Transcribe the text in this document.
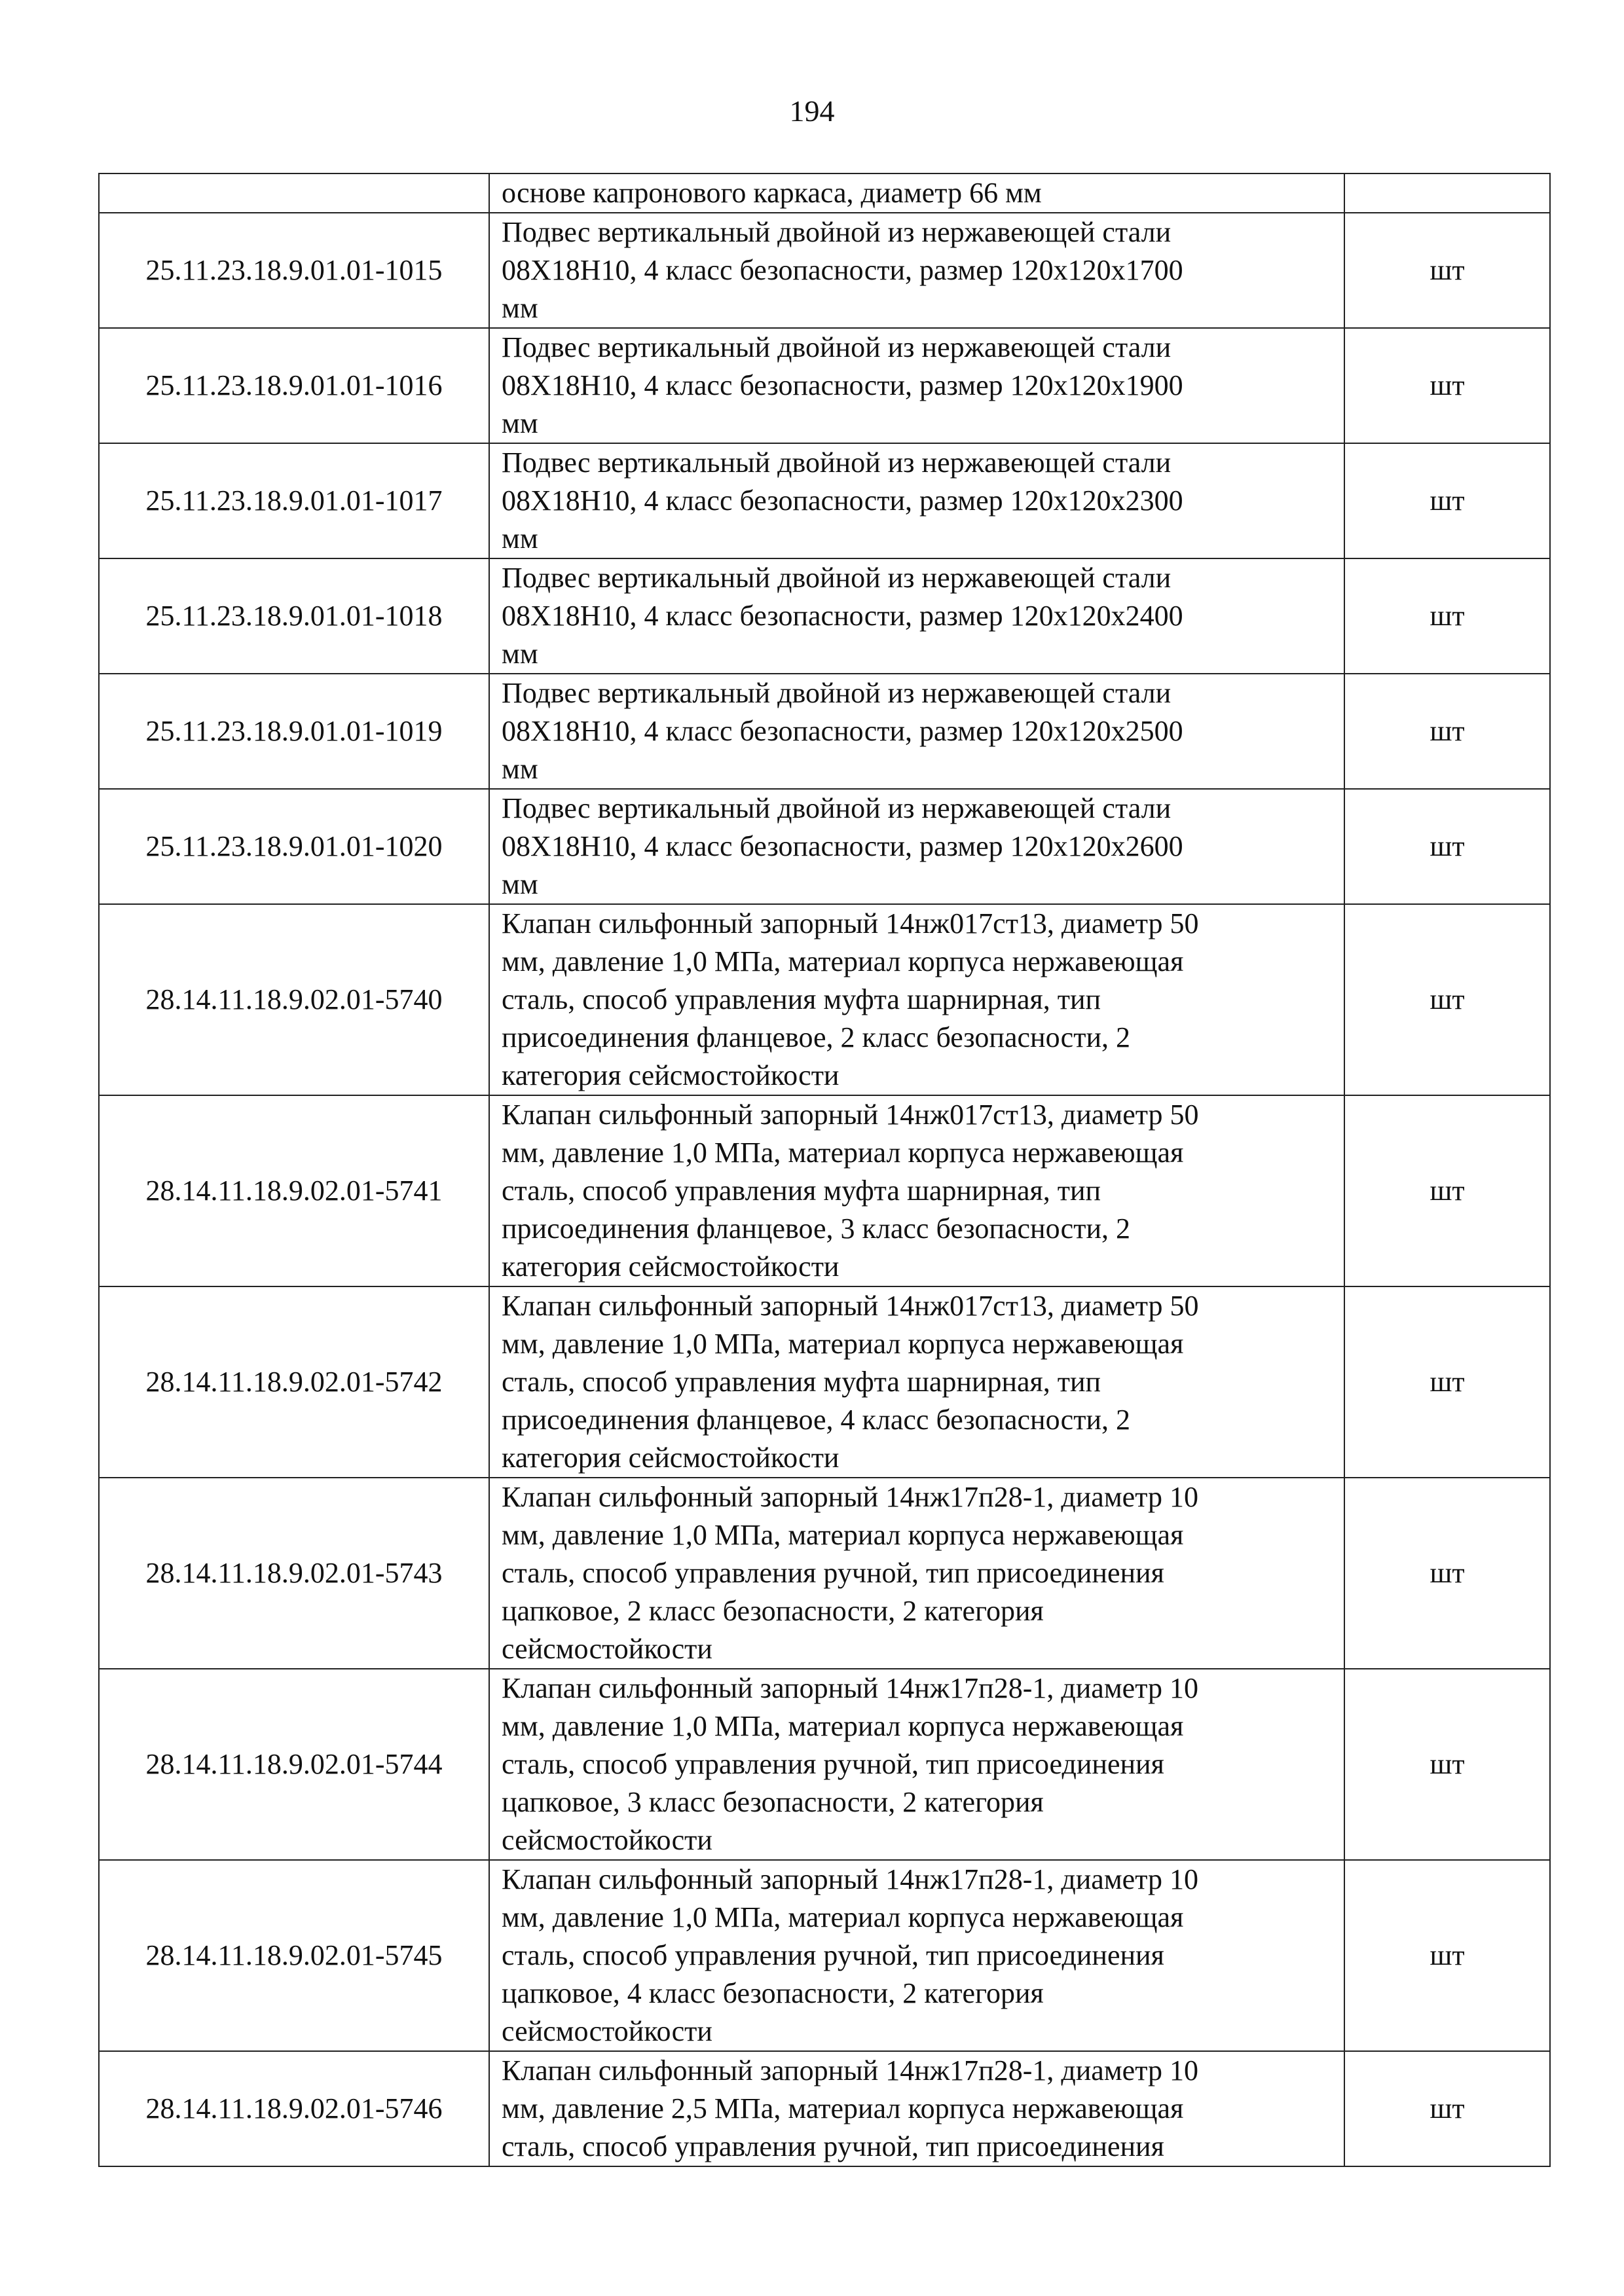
194

	основе капронового каркаса, диаметр 66 мм	

25.11.23.18.9.01.01-1015	Подвес вертикальный двойной из нержавеющей стали
08Х18Н10, 4 класс безопасности, размер 120х120х1700
мм	шт
25.11.23.18.9.01.01-1016	Подвес вертикальный двойной из нержавеющей стали
08Х18Н10, 4 класс безопасности, размер 120х120х1900
мм	шт
25.11.23.18.9.01.01-1017	Подвес вертикальный двойной из нержавеющей стали
08Х18Н10, 4 класс безопасности, размер 120х120х2300
мм	шт
25.11.23.18.9.01.01-1018	Подвес вертикальный двойной из нержавеющей стали
08Х18Н10, 4 класс безопасности, размер 120х120х2400
мм	шт
25.11.23.18.9.01.01-1019	Подвес вертикальный двойной из нержавеющей стали
08Х18Н10, 4 класс безопасности, размер 120х120х2500
мм	шт
25.11.23.18.9.01.01-1020	Подвес вертикальный двойной из нержавеющей стали
08Х18Н10, 4 класс безопасности, размер 120х120х2600
мм	шт
28.14.11.18.9.02.01-5740	Клапан сильфонный запорный 14нж017ст13, диаметр 50
мм, давление 1,0 МПа, материал корпуса нержавеющая
сталь, способ управления муфта шарнирная, тип
присоединения фланцевое, 2 класс безопасности, 2
категория сейсмостойкости	шт
28.14.11.18.9.02.01-5741	Клапан сильфонный запорный 14нж017ст13, диаметр 50
мм, давление 1,0 МПа, материал корпуса нержавеющая
сталь, способ управления муфта шарнирная, тип
присоединения фланцевое, 3 класс безопасности, 2
категория сейсмостойкости	шт
28.14.11.18.9.02.01-5742	Клапан сильфонный запорный 14нж017ст13, диаметр 50
мм, давление 1,0 МПа, материал корпуса нержавеющая
сталь, способ управления муфта шарнирная, тип
присоединения фланцевое, 4 класс безопасности, 2
категория сейсмостойкости	шт
28.14.11.18.9.02.01-5743	Клапан сильфонный запорный 14нж17п28-1, диаметр 10
мм, давление 1,0 МПа, материал корпуса нержавеющая
сталь, способ управления ручной, тип присоединения
цапковое, 2 класс безопасности, 2 категория
сейсмостойкости	шт
28.14.11.18.9.02.01-5744	Клапан сильфонный запорный 14нж17п28-1, диаметр 10
мм, давление 1,0 МПа, материал корпуса нержавеющая
сталь, способ управления ручной, тип присоединения
цапковое, 3 класс безопасности, 2 категория
сейсмостойкости	шт
28.14.11.18.9.02.01-5745	Клапан сильфонный запорный 14нж17п28-1, диаметр 10
мм, давление 1,0 МПа, материал корпуса нержавеющая
сталь, способ управления ручной, тип присоединения
цапковое, 4 класс безопасности, 2 категория
сейсмостойкости	шт
28.14.11.18.9.02.01-5746	Клапан сильфонный запорный 14нж17п28-1, диаметр 10
мм, давление 2,5 МПа, материал корпуса нержавеющая
сталь, способ управления ручной, тип присоединения	шт
